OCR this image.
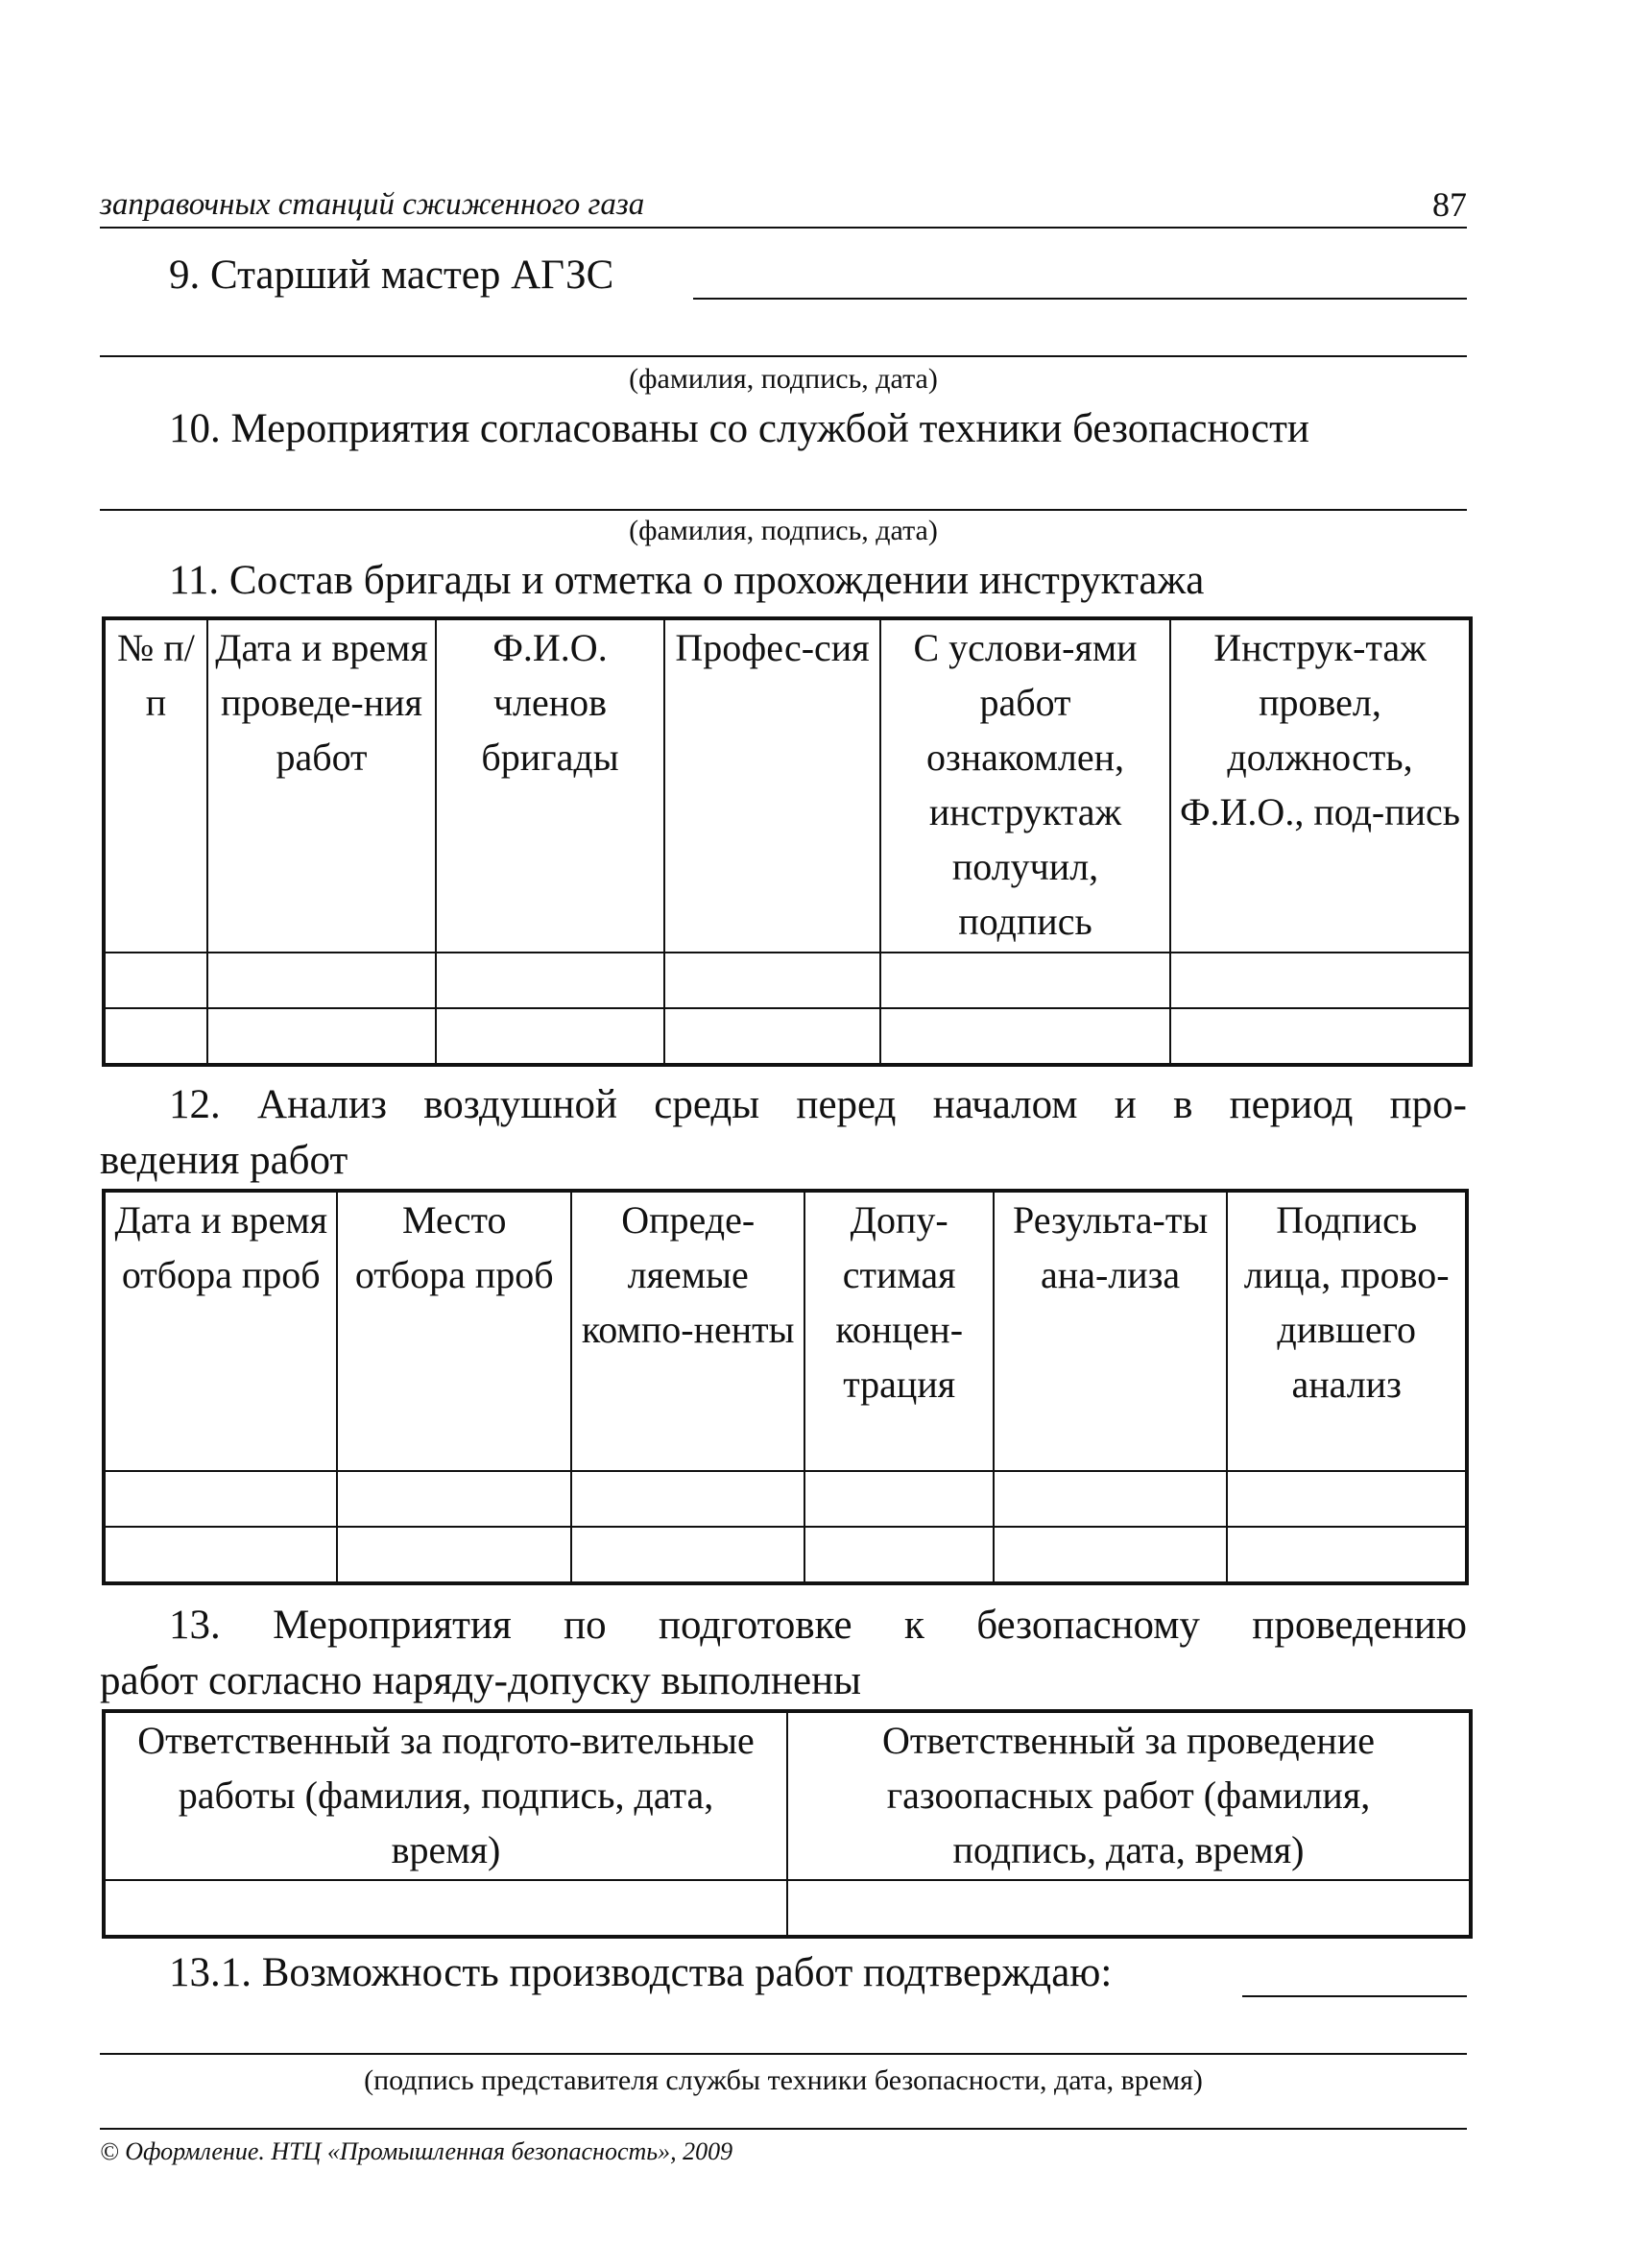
заправочных станций сжиженного газа	87
9. Старший мастер АГЗС
(фамилия, подпись, дата)
10. Мероприятия согласованы со службой техники безопасности
(фамилия, подпись, дата)
11. Состав бригады и отметка о прохождении инструктажа
№ п/п	Дата и время проведе-ния работ	Ф.И.О. членов бригады	Профес-сия	С услови-ями работ ознакомлен, инструктаж получил, подпись	Инструк-таж провел, должность, Ф.И.О., под-пись

12. Анализ воздушной среды перед началом и в период про-
ведения работ
Дата и время отбора проб	Место отбора проб	Опреде-ляемые компо-ненты	Допу-стимая концен-трация	Результа-ты ана-лиза	Подпись лица, прово-дившего анализ

13. Мероприятия по подготовке к безопасному проведению
работ согласно наряду-допуску выполнены
Ответственный за подгото-вительные работы (фамилия, подпись, дата, время)	Ответственный за проведение газоопасных работ (фамилия, подпись, дата, время)

13.1. Возможность производства работ подтверждаю:
(подпись представителя службы техники безопасности, дата, время)
© Оформление. НТЦ «Промышленная безопасность», 2009
